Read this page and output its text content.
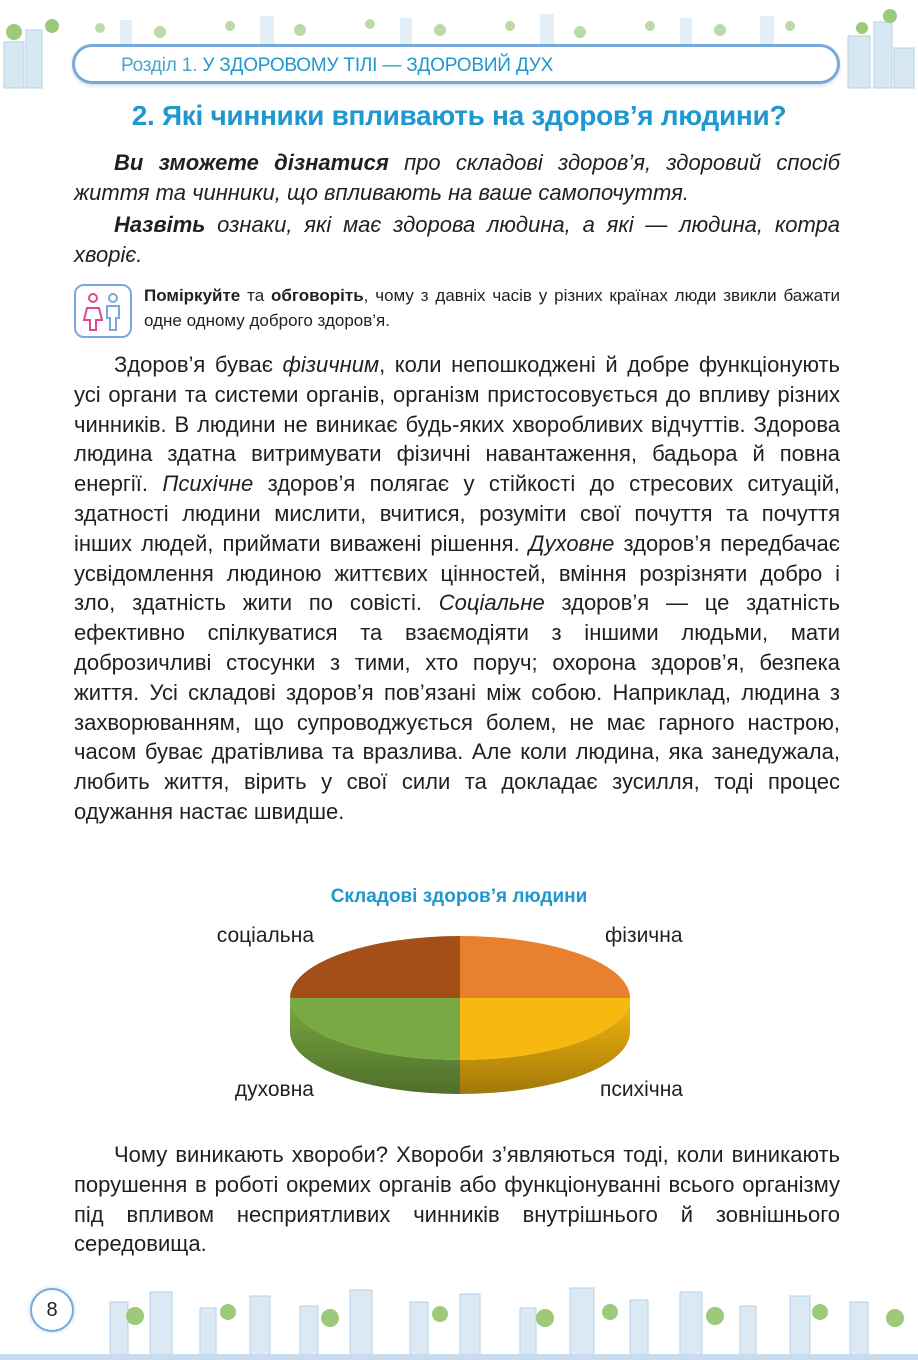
Розділ 1. У ЗДОРОВОМУ ТІЛІ — ЗДОРОВИЙ ДУХ
2. Які чинники впливають на здоров’я людини?
Ви зможете дізнатися про складові здоров’я, здоровий спосіб життя та чинники, що впливають на ваше самопочуття.
Назвіть ознаки, які має здорова людина, а які — людина, котра хворіє.
Поміркуйте та обговоріть, чому з давніх часів у різних країнах люди звикли бажати одне одному доброго здоров’я.
Здоров’я буває фізичним, коли непошкоджені й добре функціонують усі органи та системи органів, організм пристосовується до впливу різних чинників. В людини не виникає будь-яких хворобливих відчуттів. Здорова людина здатна витримувати фізичні навантаження, бадьора й повна енергії. Психічне здоров’я полягає у стійкості до стресових ситуацій, здатності людини мислити, вчитися, розуміти свої почуття та почуття інших людей, приймати виважені рішення. Духовне здоров’я передбачає усвідомлення людиною життєвих цінностей, вміння розрізняти добро і зло, здатність жити по совісті. Соціальне здоров’я — це здатність ефективно спілкуватися та взаємодіяти з іншими людьми, мати доброзичливі стосунки з тими, хто поруч; охорона здоров’я, безпека життя. Усі складові здоров’я пов’язані між собою. Наприклад, людина з захворюванням, що супроводжується болем, не має гарного настрою, часом буває дратівлива та вразлива. Але коли людина, яка занедужала, любить життя, вірить у свої сили та докладає зусилля, тоді процес одужання настає швидше.
Складові здоров’я людини
фізична
психічна
духовна
соціальна
Чому виникають хвороби? Хвороби з’являються тоді, коли виникають порушення в роботі окремих органів або функціонуванні всього організму під впливом несприятливих чинників внутрішнього й зовнішнього середовища.
8
